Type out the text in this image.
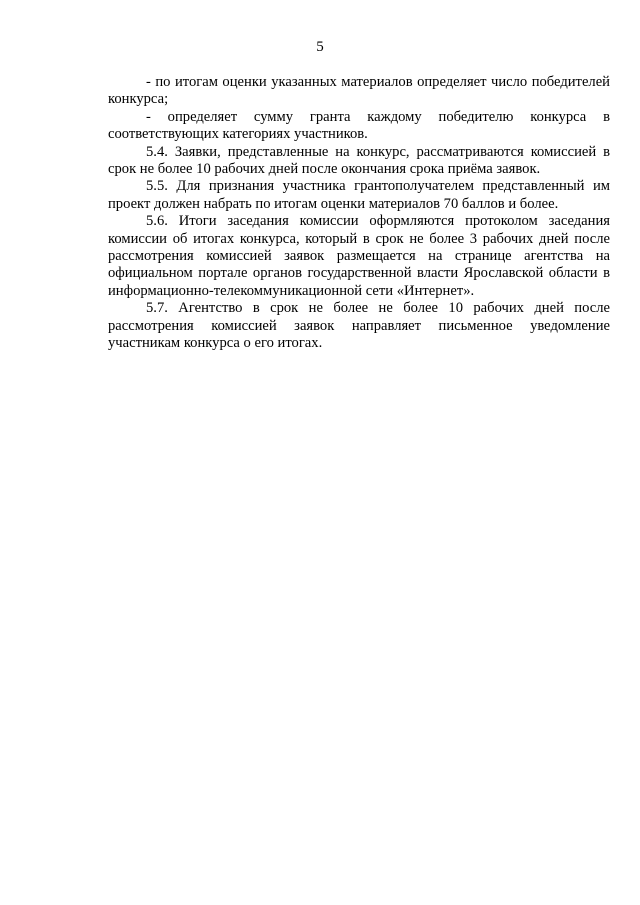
5

- по итогам оценки указанных материалов определяет число победителей конкурса;

- определяет сумму гранта каждому победителю конкурса в соответствующих категориях участников.

5.4. Заявки, представленные на конкурс, рассматриваются комиссией в срок не более 10 рабочих дней после окончания срока приёма заявок.

5.5. Для признания участника грантополучателем представленный им проект должен набрать по итогам оценки материалов 70 баллов и более.

5.6. Итоги заседания комиссии оформляются протоколом заседания комиссии об итогах конкурса, который в срок не более 3 рабочих дней после рассмотрения комиссией заявок размещается на странице агентства на официальном портале органов государственной власти Ярославской области в информационно-телекоммуникационной сети «Интернет».

5.7. Агентство в срок не более не более 10 рабочих дней после рассмотрения комиссией заявок направляет письменное уведомление участникам конкурса о его итогах.
